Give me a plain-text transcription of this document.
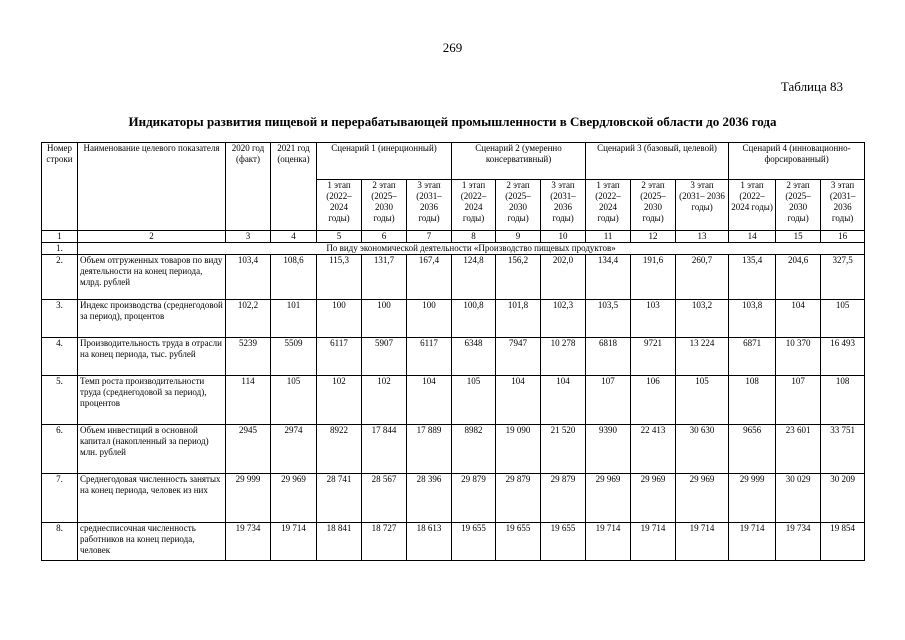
269
Таблица 83
Индикаторы развития пищевой и перерабатывающей промышленности в Свердловской области до 2036 года
Номер строки	Наименование целевого показателя	2020 год (факт)	2021 год (оценка)	Сценарий 1 (инерционный)			Сценарий 2 (умеренно консервативный)			Сценарий 3 (базовый, целевой)			Сценарий 4 (инновационно-форсированный)		
				1 этап (2022– 2024 годы)	2 этап (2025– 2030 годы)	3 этап (2031– 2036 годы)	1 этап (2022– 2024 годы)	2 этап (2025– 2030 годы)	3 этап (2031– 2036 годы)	1 этап (2022– 2024 годы)	2 этап (2025– 2030 годы)	3 этап (2031– 2036 годы)	1 этап (2022– 2024 годы)	2 этап (2025– 2030 годы)	3 этап (2031– 2036 годы)
1	2	3	4	5	6	7	8	9	10	11	12	13	14	15	16
1.	По виду экономической деятельности «Производство пищевых продуктов»														
2.	Объем отгруженных товаров по виду деятельности на конец периода, млрд. рублей	103,4	108,6	115,3	131,7	167,4	124,8	156,2	202,0	134,4	191,6	260,7	135,4	204,6	327,5
3.	Индекс производства (среднегодовой за период), процентов	102,2	101	100	100	100	100,8	101,8	102,3	103,5	103	103,2	103,8	104	105
4.	Производительность труда в отрасли на конец периода, тыс. рублей	5239	5509	6117	5907	6117	6348	7947	10 278	6818	9721	13 224	6871	10 370	16 493
5.	Темп роста производительности труда (среднегодовой за период), процентов	114	105	102	102	104	105	104	104	107	106	105	108	107	108
6.	Объем инвестиций в основной капитал (накопленный за период) млн. рублей	2945	2974	8922	17 844	17 889	8982	19 090	21 520	9390	22 413	30 630	9656	23 601	33 751
7.	Среднегодовая численность занятых на конец периода, человек из них	29 999	29 969	28 741	28 567	28 396	29 879	29 879	29 879	29 969	29 969	29 969	29 999	30 029	30 209
8.	среднесписочная численность работников на конец периода, человек	19 734	19 714	18 841	18 727	18 613	19 655	19 655	19 655	19 714	19 714	19 714	19 714	19 734	19 854
